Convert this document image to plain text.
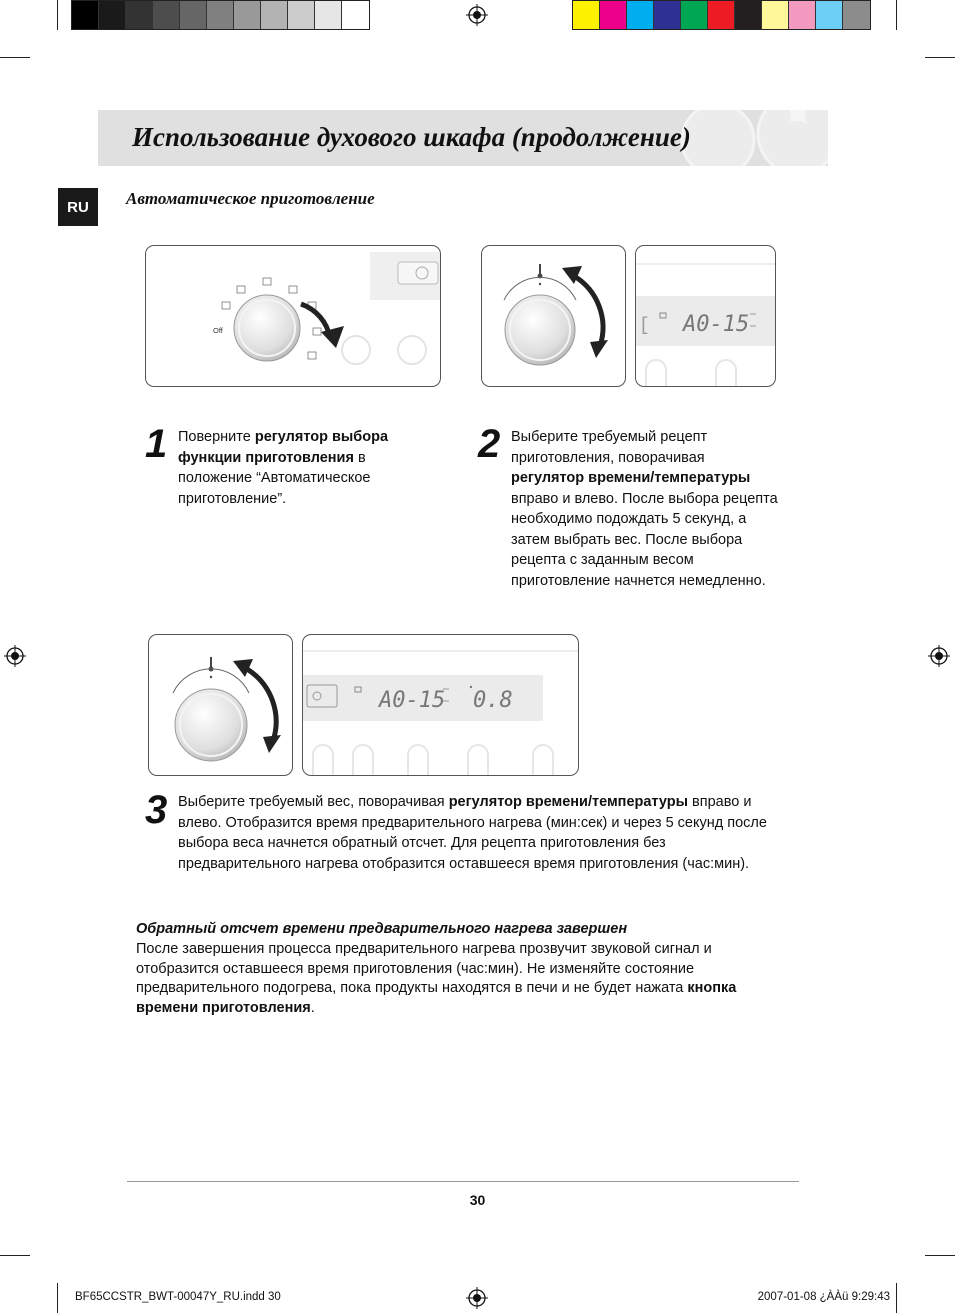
Использование духового шкафа (продолжение)
RU	Автоматическое приготовление
Off	[ A0-15
1 Поверните регулятор выбора функции приготовления в положение “Автоматическое приготовление”.
2 Выберите требуемый рецепт приготовления, поворачивая регулятор времени/температуры вправо и влево. После выбора рецепта необходимо подождать 5 секунд, а затем выбрать вес. После выбора рецепта с заданным весом приготовление начнется немедленно.
A0-15 0.8
3 Выберите требуемый вес, поворачивая регулятор времени/температуры вправо и влево. Отобразится время предварительного нагрева (мин:сек) и через 5 секунд после выбора веса начнется обратный отсчет. Для рецепта приготовления без предварительного нагрева отобразится оставшееся время приготовления (час:мин).
Обратный отсчет времени предварительного нагрева завершен
После завершения процесса предварительного нагрева прозвучит звуковой сигнал и отобразится оставшееся время приготовления (час:мин). Не изменяйте состояние предварительного подогрева, пока продукты находятся в печи и не будет нажата кнопка времени приготовления.
30
BF65CCSTR_BWT-00047Y_RU.indd 30	2007-01-08 ¿ÀÀü 9:29:43
